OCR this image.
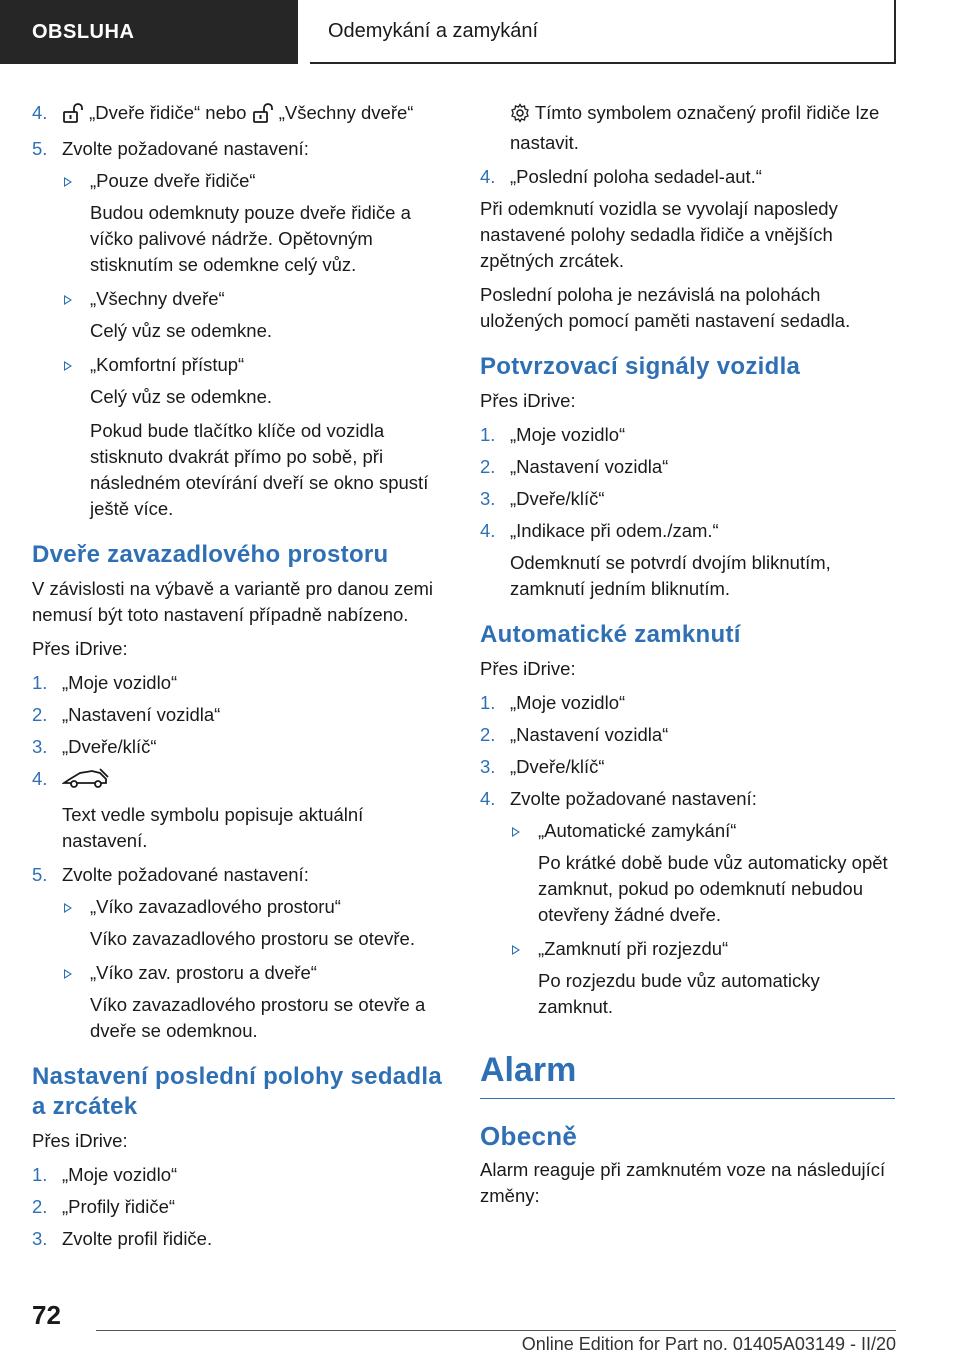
OBSLUHA	Odemykání a zamykání
4. „Dveře řidiče“ nebo „Všechny dveře“
5. Zvolte požadované nastavení:
„Pouze dveře řidiče“

Budou odemknuty pouze dveře řidiče a víčko palivové nádrže. Opětovným stisknutím se odemkne celý vůz.

„Všechny dveře“

Celý vůz se odemkne.

„Komfortní přístup“

Celý vůz se odemkne.

Pokud bude tlačítko klíče od vozidla stisknuto dvakrát přímo po sobě, při následném otevírání dveří se okno spustí ještě více.

Dveře zavazadlového prostoru

V závislosti na výbavě a variantě pro danou zemi nemusí být toto nastavení případně nabízeno.

Přes iDrive:

1. „Moje vozidlo“
2. „Nastavení vozidla“
3. „Dveře/klíč“
4.

Text vedle symbolu popisuje aktuální nastavení.

5. Zvolte požadované nastavení:
„Víko zavazadlového prostoru“

Víko zavazadlového prostoru se otevře.

„Víko zav. prostoru a dveře“

Víko zavazadlového prostoru se otevře a dveře se odemknou.

Nastavení poslední polohy sedadla a zrcátek

Přes iDrive:

1. „Moje vozidlo“
2. „Profily řidiče“
3. Zvolte profil řidiče.

Tímto symbolem označený profil řidiče lze nastavit.

4. „Poslední poloha sedadel-aut.“

Při odemknutí vozidla se vyvolají naposledy nastavené polohy sedadla řidiče a vnějších zpětných zrcátek.

Poslední poloha je nezávislá na polohách uložených pomocí paměti nastavení sedadla.

Potvrzovací signály vozidla

Přes iDrive:

1. „Moje vozidlo“
2. „Nastavení vozidla“
3. „Dveře/klíč“
4. „Indikace při odem./zam.“

Odemknutí se potvrdí dvojím bliknutím, zamknutí jedním bliknutím.

Automatické zamknutí

Přes iDrive:

1. „Moje vozidlo“
2. „Nastavení vozidla“
3. „Dveře/klíč“
4. Zvolte požadované nastavení:
„Automatické zamykání“

Po krátké době bude vůz automaticky opět zamknut, pokud po odemknutí nebudou otevřeny žádné dveře.

„Zamknutí při rozjezdu“

Po rozjezdu bude vůz automaticky zamknut.

Alarm
Obecně

Alarm reaguje při zamknutém voze na následující změny:

72
Online Edition for Part no. 01405A03149 - II/20
